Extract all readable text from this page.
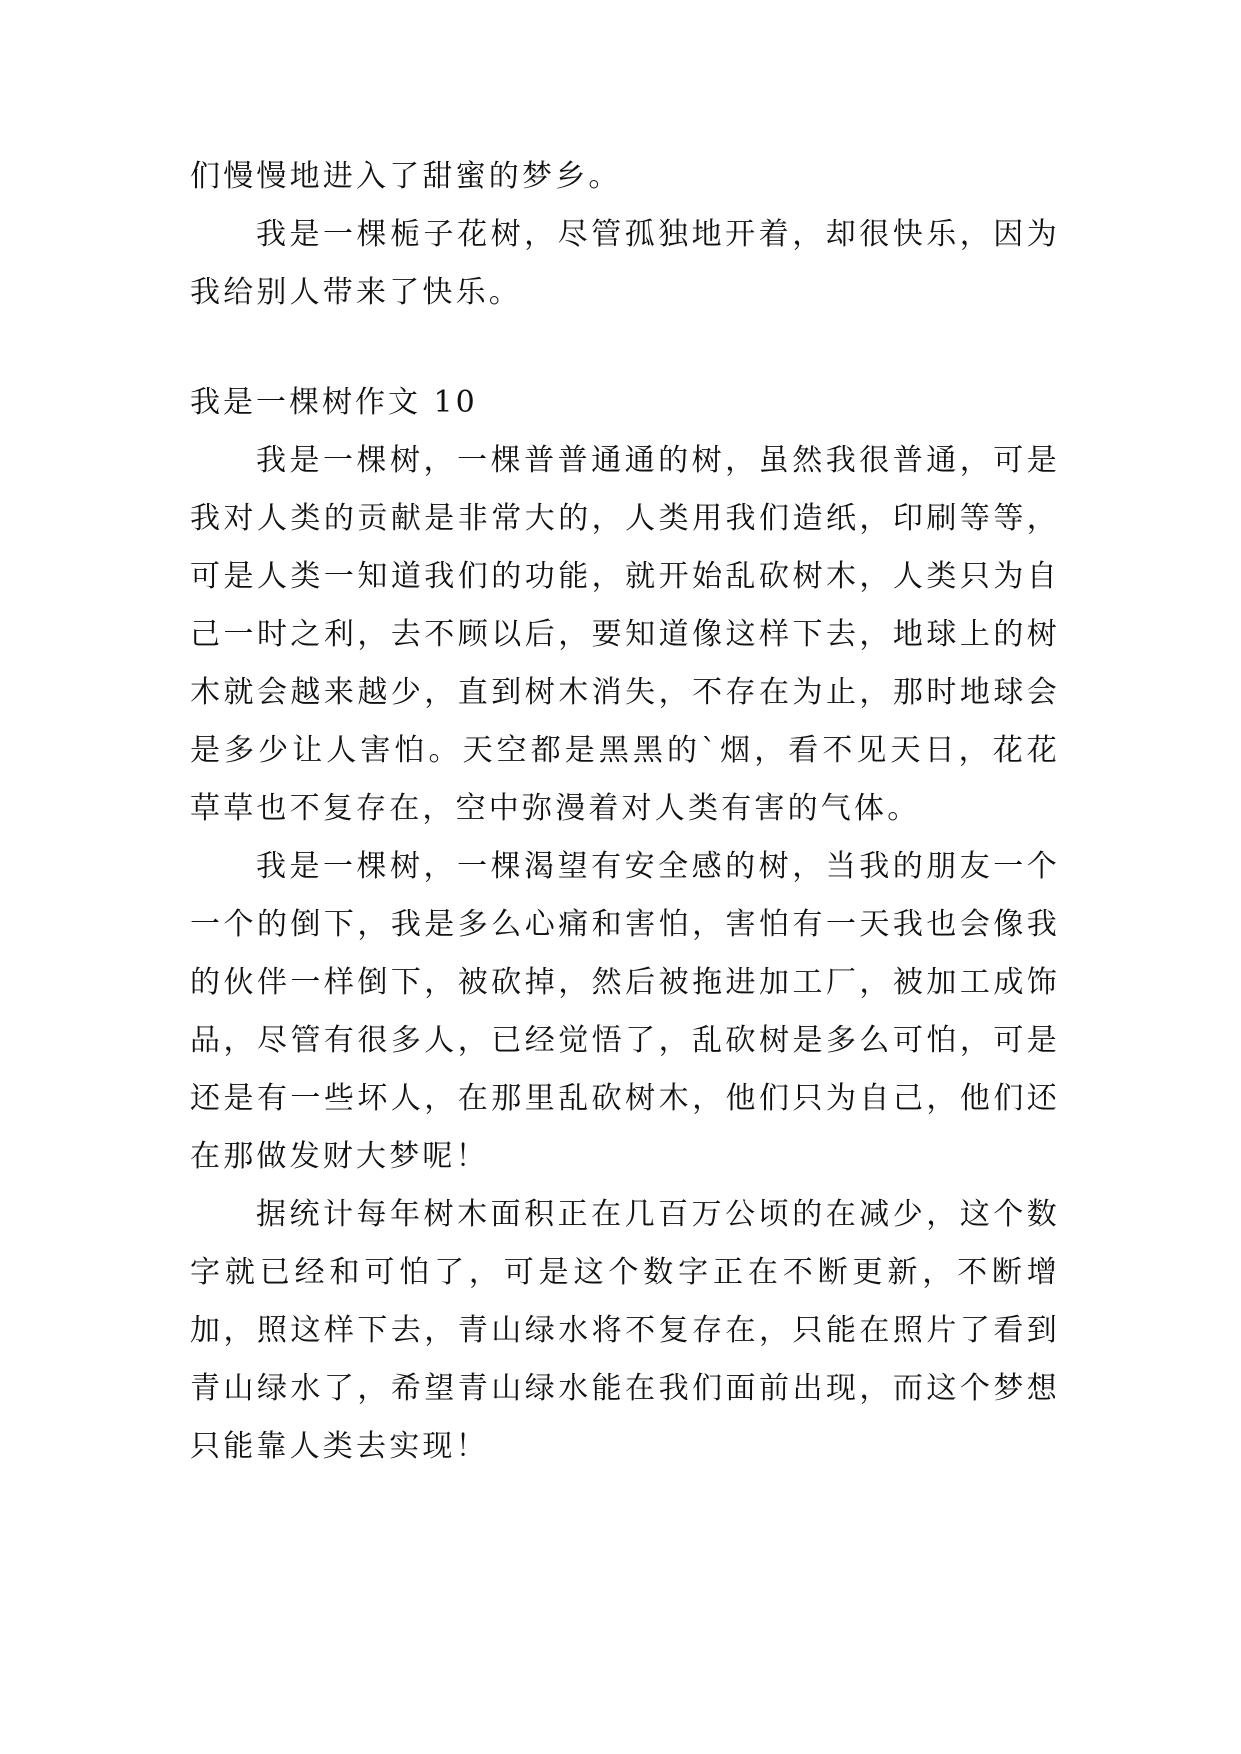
们慢慢地进入了甜蜜的梦乡。

我是一棵栀子花树，尽管孤独地开着，却很快乐，因为我给别人带来了快乐。

我是一棵树作文 10

我是一棵树，一棵普普通通的树，虽然我很普通，可是我对人类的贡献是非常大的，人类用我们造纸，印刷等等，可是人类一知道我们的功能，就开始乱砍树木，人类只为自己一时之利，去不顾以后，要知道像这样下去，地球上的树木就会越来越少，直到树木消失，不存在为止，那时地球会是多少让人害怕。天空都是黑黑的`烟，看不见天日，花花草草也不复存在，空中弥漫着对人类有害的气体。

我是一棵树，一棵渴望有安全感的树，当我的朋友一个一个的倒下，我是多么心痛和害怕，害怕有一天我也会像我的伙伴一样倒下，被砍掉，然后被拖进加工厂，被加工成饰品，尽管有很多人，已经觉悟了，乱砍树是多么可怕，可是还是有一些坏人，在那里乱砍树木，他们只为自己，他们还在那做发财大梦呢！

据统计每年树木面积正在几百万公顷的在减少，这个数字就已经和可怕了，可是这个数字正在不断更新，不断增加，照这样下去，青山绿水将不复存在，只能在照片了看到青山绿水了，希望青山绿水能在我们面前出现，而这个梦想只能靠人类去实现！
